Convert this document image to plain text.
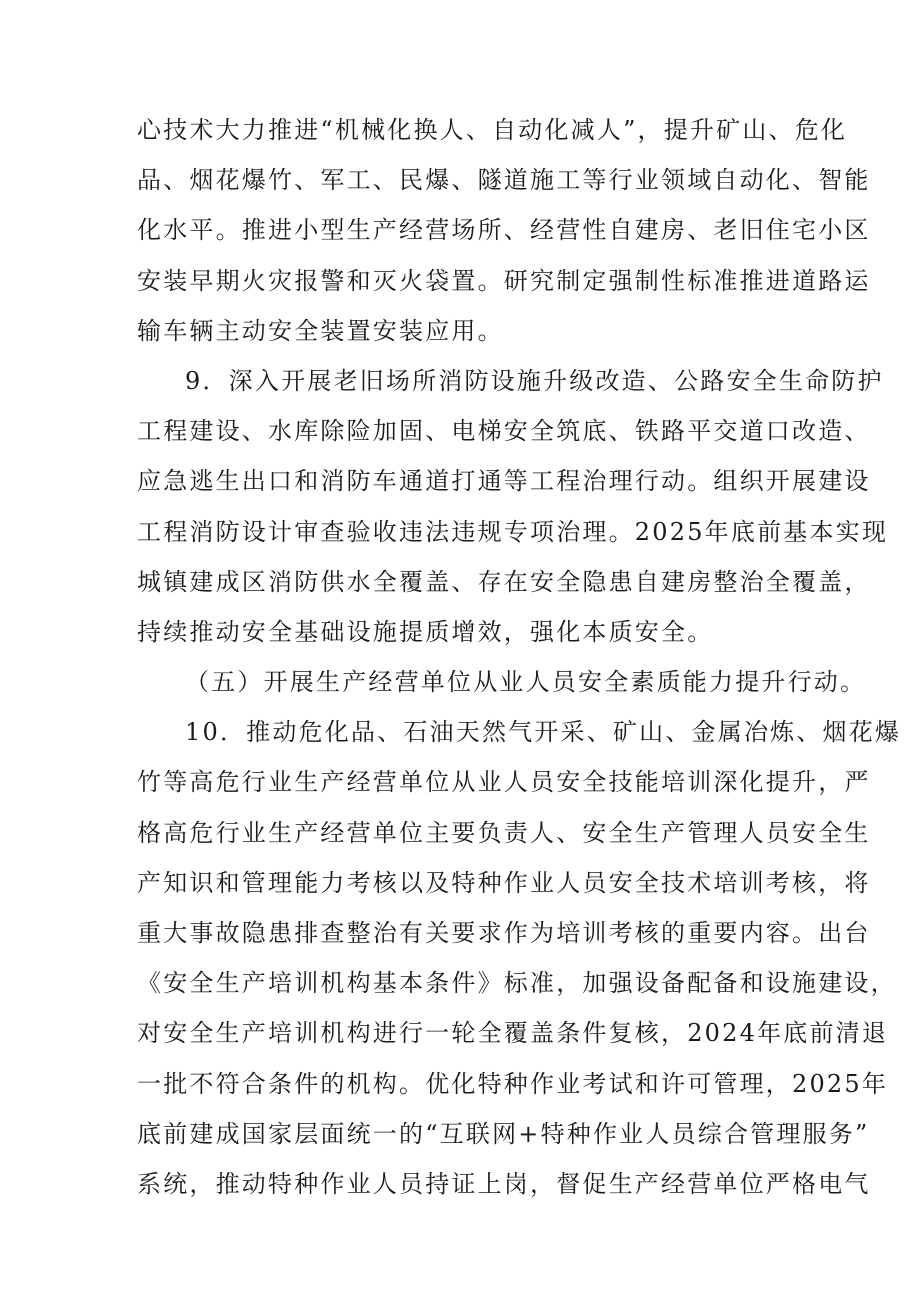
心技术大力推进“机械化换人、自动化减人”，提升矿山、危化
品、烟花爆竹、军工、民爆、隧道施工等行业领域自动化、智能
化水平。推进小型生产经营场所、经营性自建房、老旧住宅小区
安装早期火灾报警和灭火袋置。研究制定强制性标准推进道路运
输车辆主动安全装置安装应用。
9．深入开展老旧场所消防设施升级改造、公路安全生命防护
工程建设、水库除险加固、电梯安全筑底、铁路平交道口改造、
应急逃生出口和消防车通道打通等工程治理行动。组织开展建设
工程消防设计审查验收违法违规专项治理。2025年底前基本实现
城镇建成区消防供水全覆盖、存在安全隐患自建房整治全覆盖，
持续推动安全基础设施提质增效，强化本质安全。
（五）开展生产经营单位从业人员安全素质能力提升行动。
10．推动危化品、石油天然气开采、矿山、金属冶炼、烟花爆
竹等高危行业生产经营单位从业人员安全技能培训深化提升，严
格高危行业生产经营单位主要负责人、安全生产管理人员安全生
产知识和管理能力考核以及特种作业人员安全技术培训考核，将
重大事故隐患排查整治有关要求作为培训考核的重要内容。出台
《安全生产培训机构基本条件》标准，加强设备配备和设施建设，
对安全生产培训机构进行一轮全覆盖条件复核，2024年底前清退
一批不符合条件的机构。优化特种作业考试和许可管理，2025年
底前建成国家层面统一的“互联网+特种作业人员综合管理服务”
系统，推动特种作业人员持证上岗，督促生产经营单位严格电气
